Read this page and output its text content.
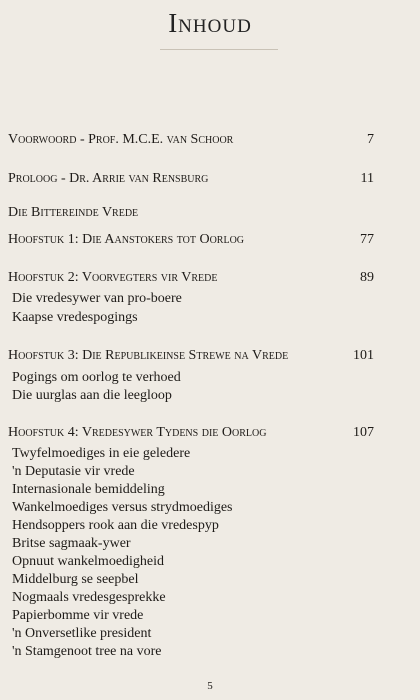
Inhoud
Voorwoord - Prof. M.C.E. van Schoor	7
Proloog - Dr. Arrie van Rensburg	11
Die Bittereinde Vrede
Hoofstuk 1: Die Aanstokers tot Oorlog	77
Hoofstuk 2: Voorvegters vir Vrede	89
Die vredesywer van pro-boere
Kaapse vredespogings
Hoofstuk 3: Die Republikeinse Strewe na Vrede	101
Pogings om oorlog te verhoed
Die uurglas aan die leegloop
Hoofstuk 4: Vredesywer Tydens die Oorlog	107
Twyfelmoediges in eie geledere
'n Deputasie vir vrede
Internasionale bemiddeling
Wankelmoediges versus strydmoediges
Hendsoppers rook aan die vredespyp
Britse sagmaak-ywer
Opnuut wankelmoedigheid
Middelburg se seepbel
Nogmaals vredesgesprekke
Papierbomme vir vrede
'n Onversetlike president
'n Stamgenoot tree na vore
5
